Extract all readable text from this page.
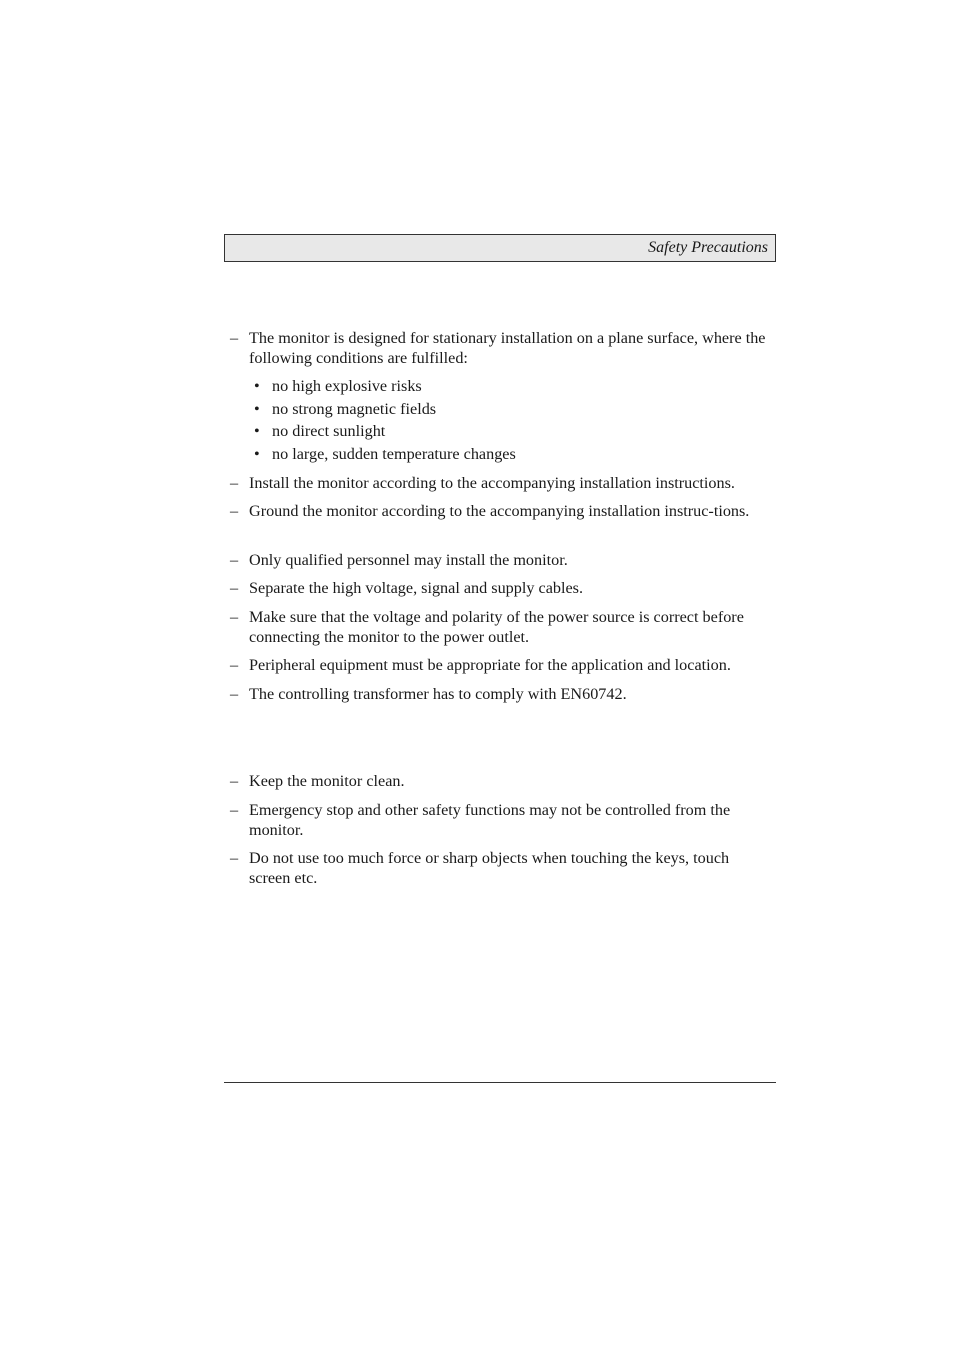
Safety Precautions
– The monitor is designed for stationary installation on a plane surface, where the following conditions are fulfilled:
• no high explosive risks
• no strong magnetic fields
• no direct sunlight
• no large, sudden temperature changes
– Install the monitor according to the accompanying installation instructions.
– Ground the monitor according to the accompanying installation instruc-tions.
– Only qualified personnel may install the monitor.
– Separate the high voltage, signal and supply cables.
– Make sure that the voltage and polarity of the power source is correct before connecting the monitor to the power outlet.
– Peripheral equipment must be appropriate for the application and location.
– The controlling transformer has to comply with EN60742.
– Keep the monitor clean.
– Emergency stop and other safety functions may not be controlled from the monitor.
– Do not use too much force or sharp objects when touching the keys, touch screen etc.
